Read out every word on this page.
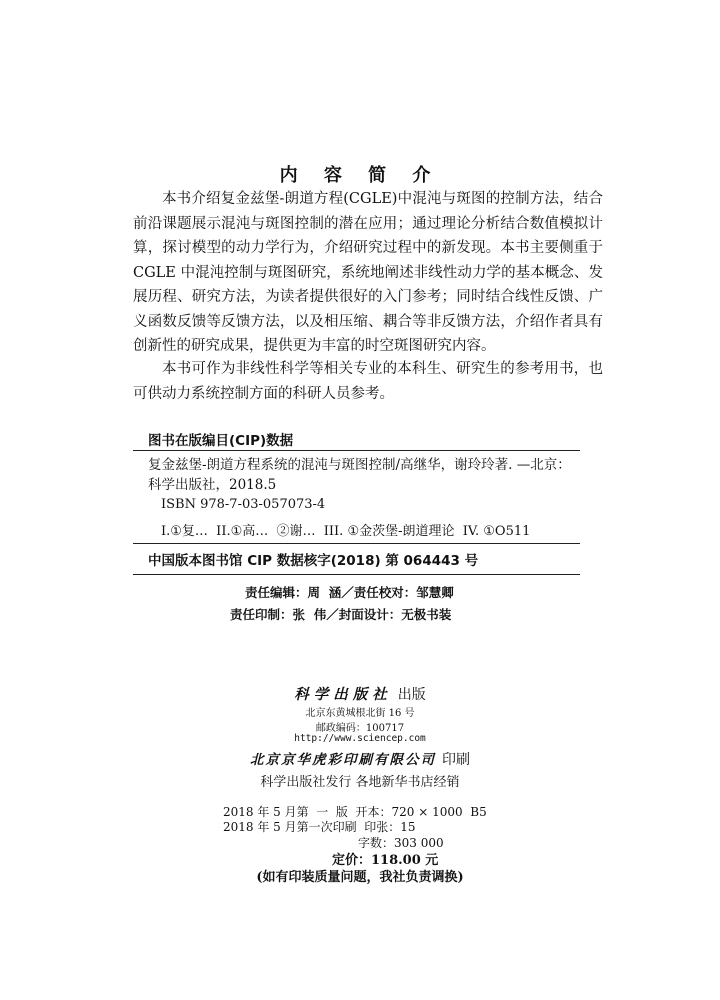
内 容 简 介
本书介绍复金兹堡-朗道方程(CGLE)中混沌与斑图的控制方法，结合前沿课题展示混沌与斑图控制的潜在应用；通过理论分析结合数值模拟计算，探讨模型的动力学行为，介绍研究过程中的新发现。本书主要侧重于 CGLE 中混沌控制与斑图研究，系统地阐述非线性动力学的基本概念、发展历程、研究方法，为读者提供很好的入门参考；同时结合线性反馈、广义函数反馈等反馈方法，以及相压缩、耦合等非反馈方法，介绍作者具有创新性的研究成果，提供更为丰富的时空斑图研究内容。
本书可作为非线性科学等相关专业的本科生、研究生的参考用书，也可供动力系统控制方面的科研人员参考。
图书在版编目(CIP)数据
复金兹堡-朗道方程系统的混沌与斑图控制/高继华，谢玲玲著. —北京：科学出版社，2018.5
ISBN 978-7-03-057073-4
I.①复…  II.①高…  ②谢…  III. ①金茨堡-朗道理论  IV. ①O511
中国版本图书馆 CIP 数据核字(2018) 第 064443 号
责任编辑：周  涵／责任校对：邹慧卿
责任印制：张  伟／封面设计：无极书装
科学出版社 出版
北京东黄城根北街 16 号
邮政编码：100717
http://www.sciencep.com
北京京华虎彩印刷有限公司 印刷
科学出版社发行 各地新华书店经销
2018 年 5 月第  一  版  开本：720 × 1000  B5
2018 年 5 月第一次印刷  印张：15
字数：303 000
定价：118.00 元
(如有印装质量问题，我社负责调换)
